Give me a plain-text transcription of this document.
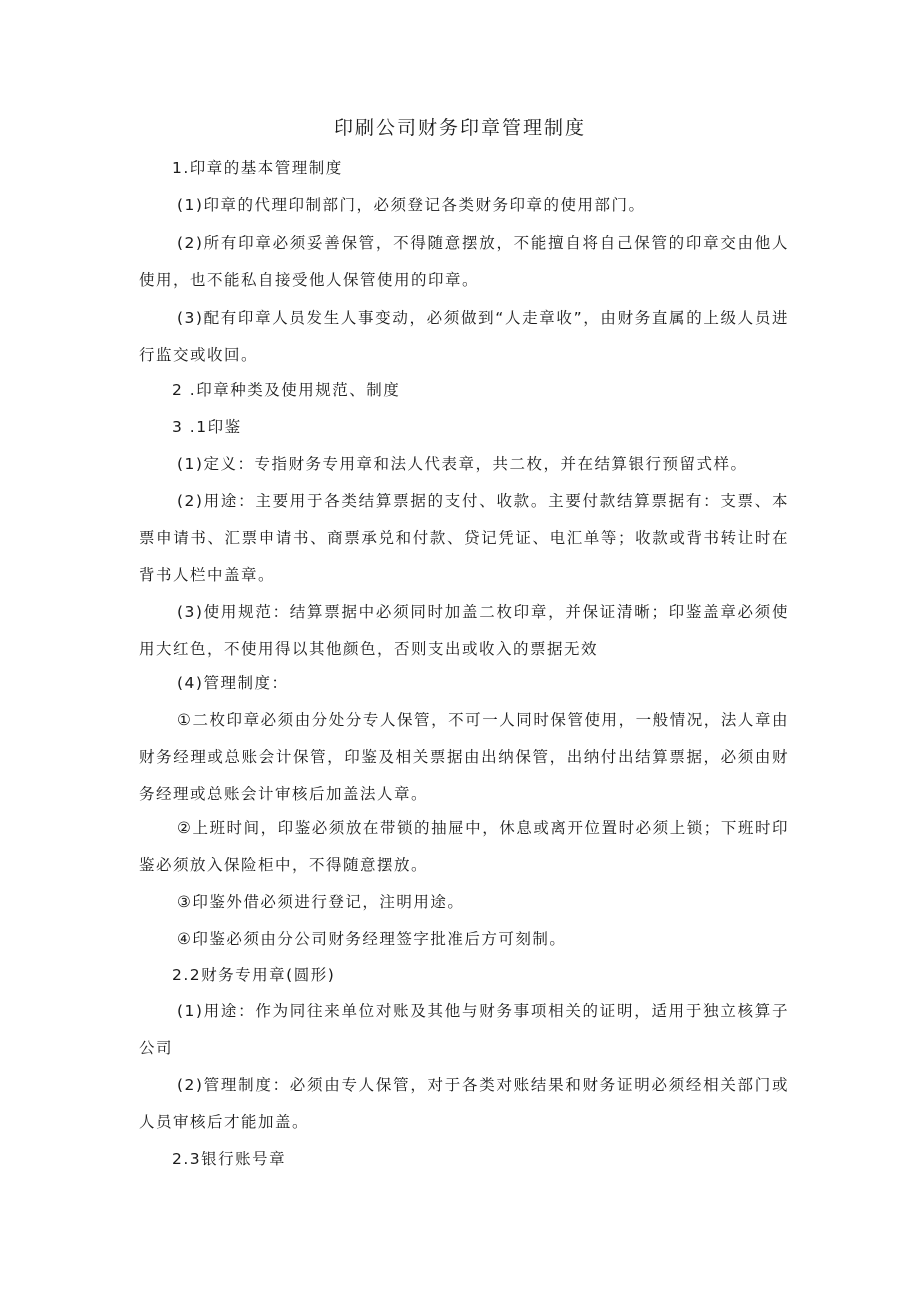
印刷公司财务印章管理制度
1.印章的基本管理制度
(1)印章的代理印制部门，必须登记各类财务印章的使用部门。
(2)所有印章必须妥善保管，不得随意摆放，不能擅自将自己保管的印章交由他人使用，也不能私自接受他人保管使用的印章。
(3)配有印章人员发生人事变动，必须做到“人走章收”，由财务直属的上级人员进行监交或收回。
2 .印章种类及使用规范、制度
3 .1印鉴
(1)定义：专指财务专用章和法人代表章，共二枚，并在结算银行预留式样。
(2)用途：主要用于各类结算票据的支付、收款。主要付款结算票据有：支票、本票申请书、汇票申请书、商票承兑和付款、贷记凭证、电汇单等；收款或背书转让时在背书人栏中盖章。
(3)使用规范：结算票据中必须同时加盖二枚印章，并保证清晰；印鉴盖章必须使用大红色，不使用得以其他颜色，否则支出或收入的票据无效
(4)管理制度：
①二枚印章必须由分处分专人保管，不可一人同时保管使用，一般情况，法人章由财务经理或总账会计保管，印鉴及相关票据由出纳保管，出纳付出结算票据，必须由财务经理或总账会计审核后加盖法人章。
②上班时间，印鉴必须放在带锁的抽屉中，休息或离开位置时必须上锁；下班时印鉴必须放入保险柜中，不得随意摆放。
③印鉴外借必须进行登记，注明用途。
④印鉴必须由分公司财务经理签字批准后方可刻制。
2.2财务专用章(圆形)
(1)用途：作为同往来单位对账及其他与财务事项相关的证明，适用于独立核算子公司
(2)管理制度：必须由专人保管，对于各类对账结果和财务证明必须经相关部门或人员审核后才能加盖。
2.3银行账号章
